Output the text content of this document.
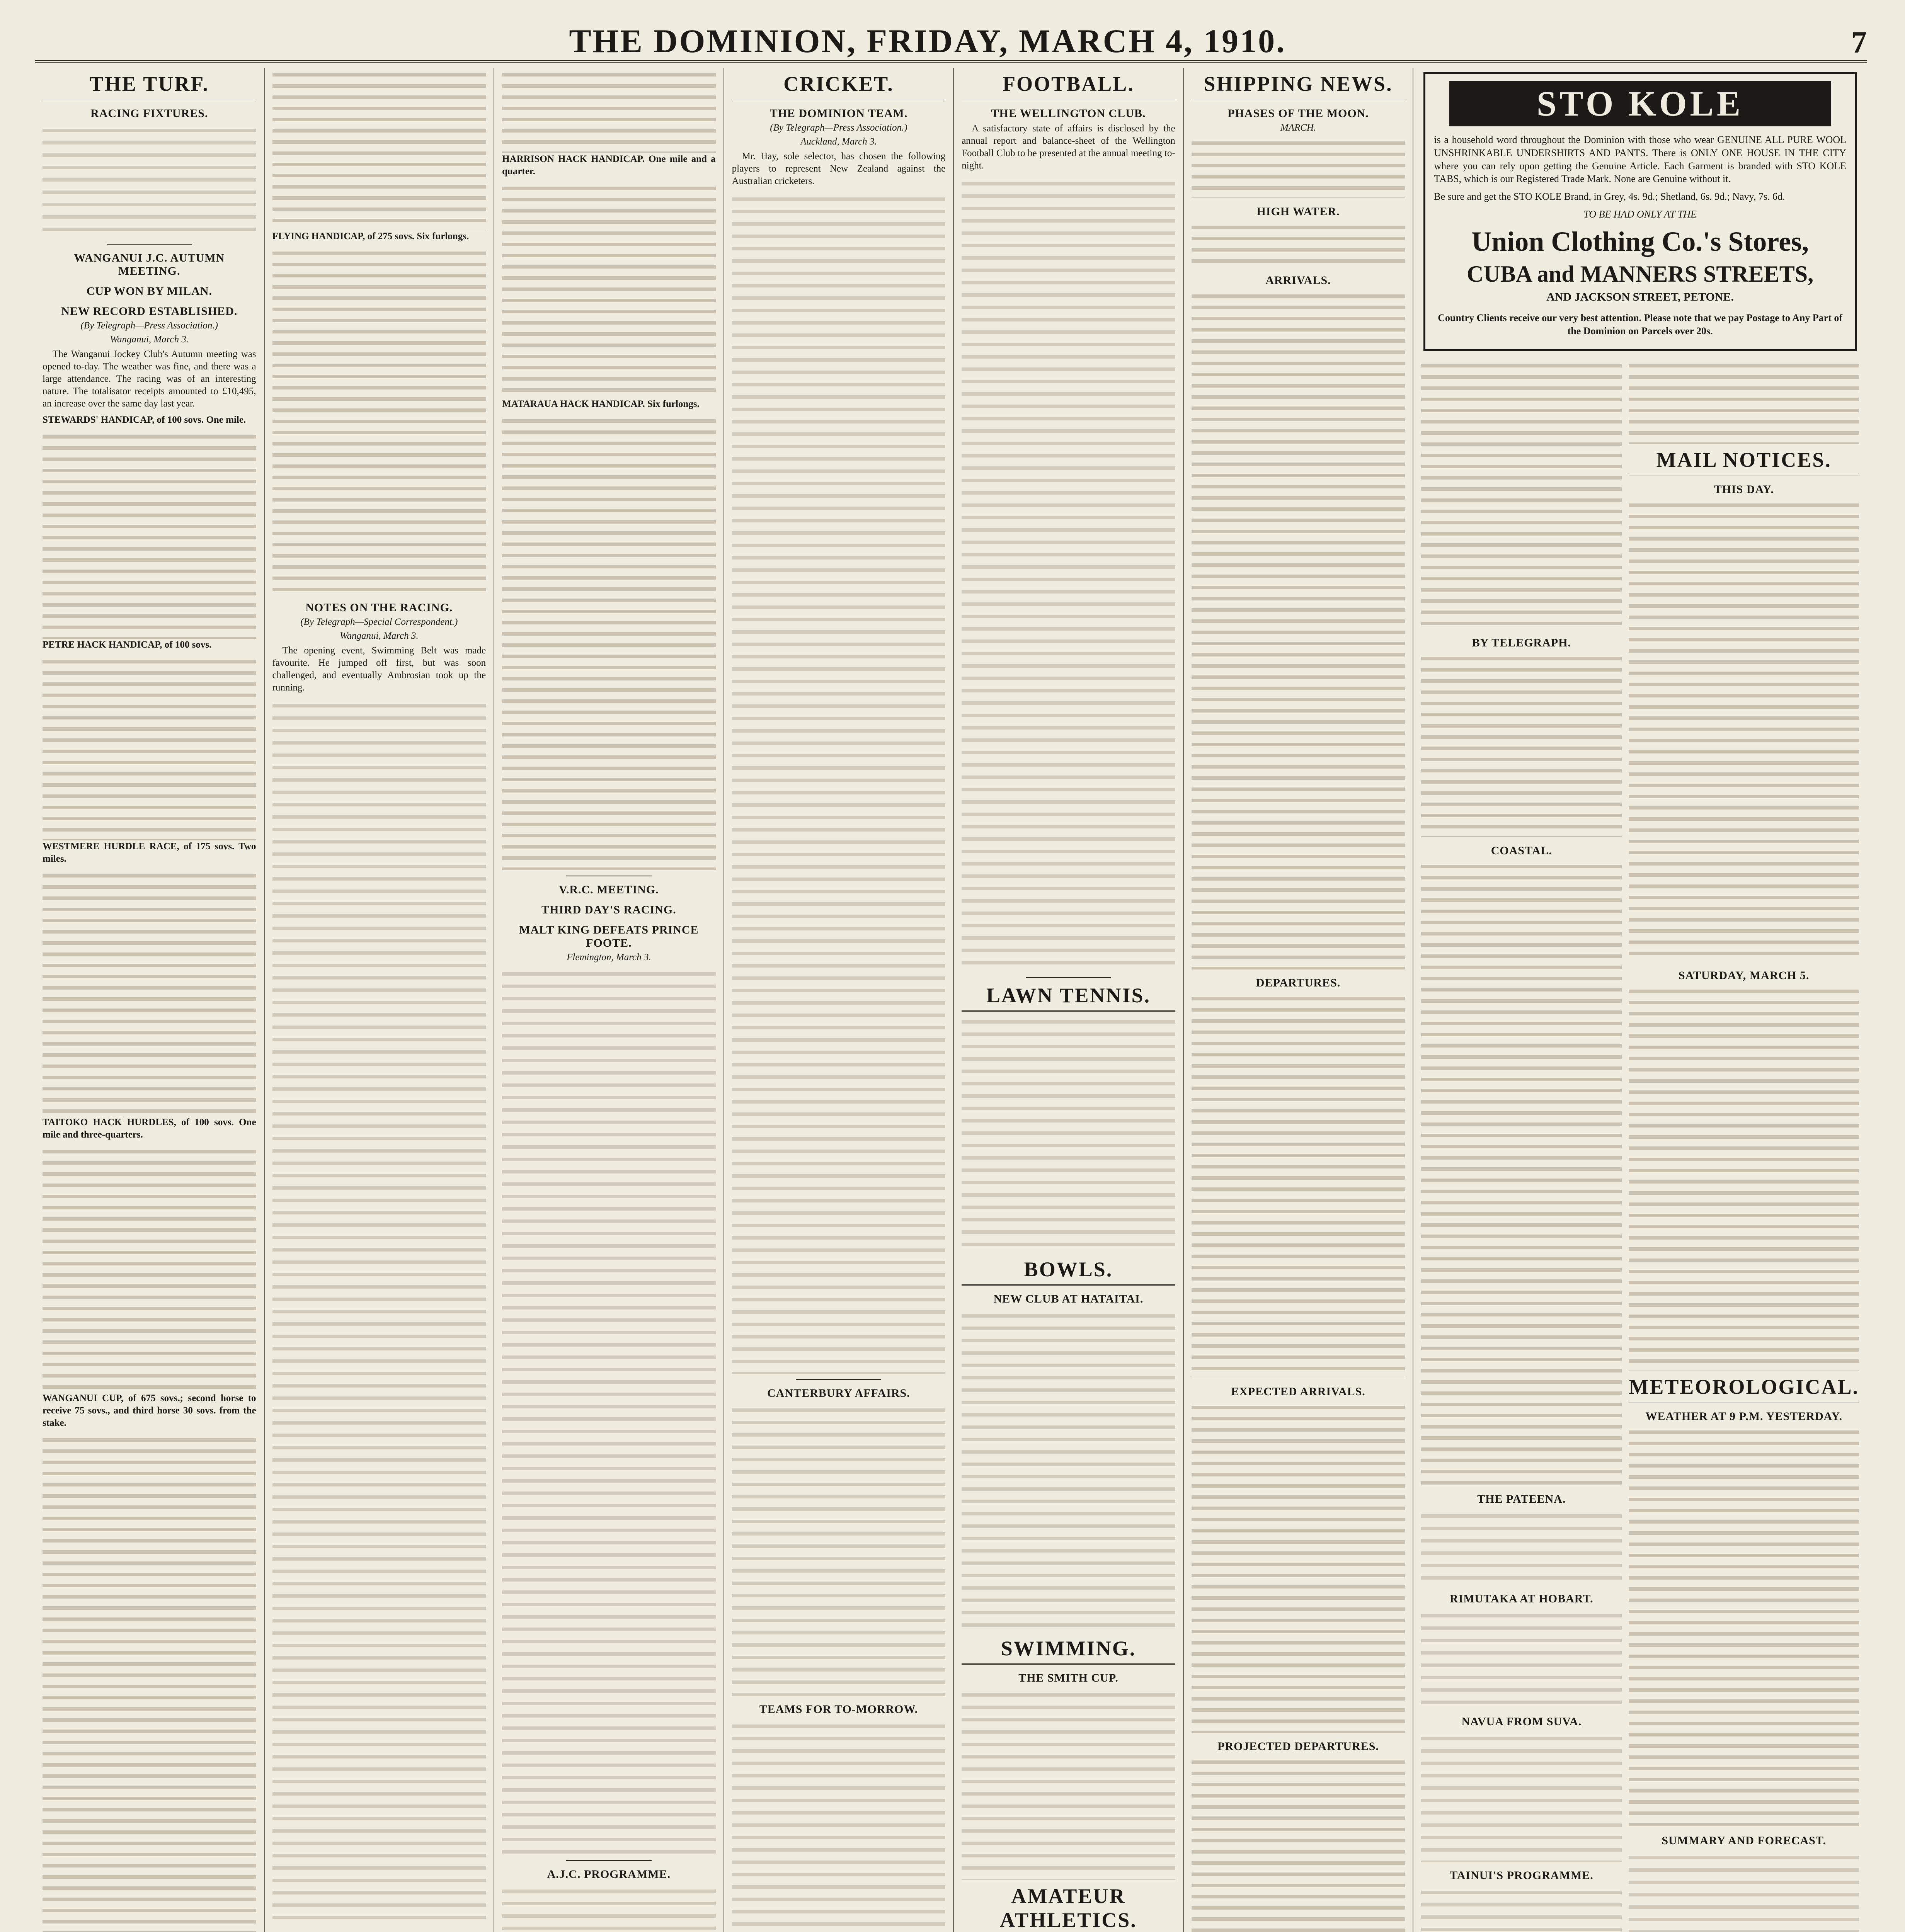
THE DOMINION, FRIDAY, MARCH 4, 1910.	7
THE TURF.
RACING FIXTURES.
WANGANUI J.C. AUTUMN MEETING.
CUP WON BY MILAN.
NEW RECORD ESTABLISHED.
(By Telegraph—Press Association.)
Wanganui, March 3.

The Wanganui Jockey Club's Autumn meeting was opened to-day. The weather was fine, and there was a large attendance. The racing was of an interesting nature. The totalisator receipts amounted to £10,495, an increase over the same day last year.

STEWARDS' HANDICAP, of 100 sovs. One mile.
PETRE HACK HANDICAP, of 100 sovs.
WESTMERE HURDLE RACE, of 175 sovs. Two miles.
TAITOKO HACK HURDLES, of 100 sovs. One mile and three-quarters.
WANGANUI CUP, of 675 sovs.; second horse to receive 75 sovs., and third horse 30 sovs. from the stake.
FLYING HANDICAP, of 275 sovs. Six furlongs.
NOTES ON THE RACING.
(By Telegraph—Special Correspondent.)
Wanganui, March 3.

The opening event, Swimming Belt was made favourite. He jumped off first, but was soon challenged, and eventually Ambrosian took up the running.

HARRISON HACK HANDICAP. One mile and a quarter.
MATARAUA HACK HANDICAP. Six furlongs.
V.R.C. MEETING.
THIRD DAY'S RACING.
MALT KING DEFEATS PRINCE FOOTE.
Flemington, March 3.
A.J.C. PROGRAMME.
CRICKET.
THE DOMINION TEAM.
(By Telegraph—Press Association.)
Auckland, March 3.

Mr. Hay, sole selector, has chosen the following players to represent New Zealand against the Australian cricketers.

CANTERBURY AFFAIRS.
TEAMS FOR TO-MORROW.
FOOTBALL.
THE WELLINGTON CLUB.

A satisfactory state of affairs is disclosed by the annual report and balance-sheet of the Wellington Football Club to be presented at the annual meeting to-night.

LAWN TENNIS.
BOWLS.
NEW CLUB AT HATAITAI.
SWIMMING.
THE SMITH CUP.
AMATEUR ATHLETICS.
SHIPPING NEWS.
PHASES OF THE MOON.
MARCH.
HIGH WATER.
ARRIVALS.
DEPARTURES.
EXPECTED ARRIVALS.
PROJECTED DEPARTURES.
STO KOLE

is a household word throughout the Dominion with those who wear GENUINE ALL PURE WOOL UNSHRINKABLE UNDERSHIRTS AND PANTS. There is ONLY ONE HOUSE IN THE CITY where you can rely upon getting the Genuine Article. Each Garment is branded with STO KOLE TABS, which is our Registered Trade Mark. None are Genuine without it.

Be sure and get the STO KOLE Brand, in Grey, 4s. 9d.; Shetland, 6s. 9d.; Navy, 7s. 6d.

TO BE HAD ONLY AT THE
Union Clothing Co.'s Stores,
CUBA and MANNERS STREETS,
AND JACKSON STREET, PETONE.

Country Clients receive our very best attention. Please note that we pay Postage to Any Part of the Dominion on Parcels over 20s.

BY TELEGRAPH.
COASTAL.
THE PATEENA.
RIMUTAKA AT HOBART.
NAVUA FROM SUVA.
TAINUI'S PROGRAMME.
MAIL NOTICES.
THIS DAY.
SATURDAY, MARCH 5.
METEOROLOGICAL.
WEATHER AT 9 P.M. YESTERDAY.
SUMMARY AND FORECAST.
